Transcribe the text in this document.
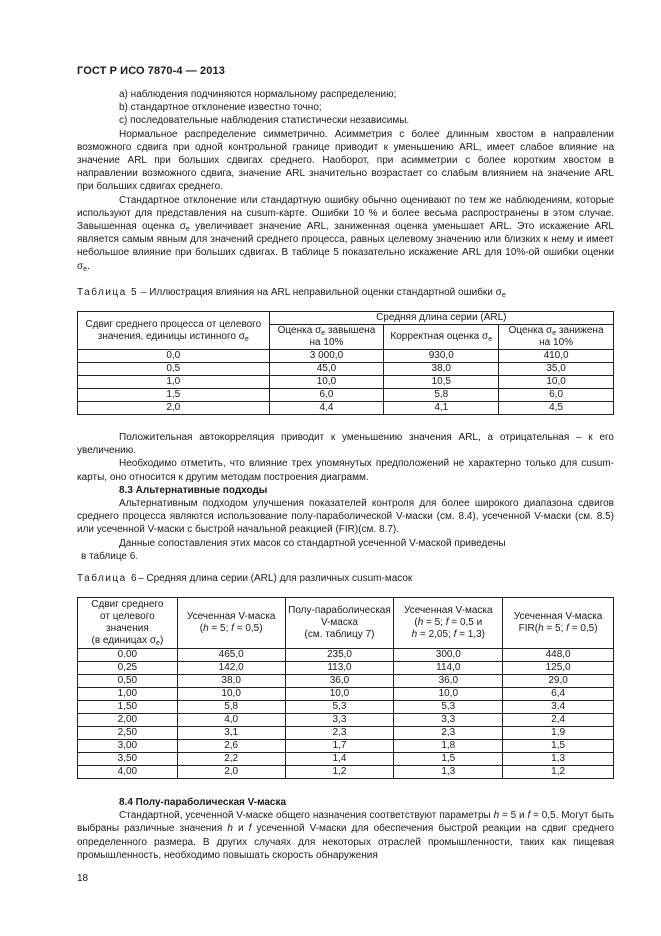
ГОСТ Р ИСО 7870-4 — 2013

a) наблюдения подчиняются нормальному распределению;

b) стандартное отклонение известно точно;

c) последовательные наблюдения статистически независимы.

Нормальное распределение симметрично. Асимметрия с более длинным хвостом в направлении возможного сдвига при одной контрольной границе приводит к уменьшению ARL, имеет слабое влияние на значение ARL при больших сдвигах среднего. Наоборот, при асимметрии с более коротким хвостом в направлении возможного сдвига, значение ARL значительно возрастает со слабым влиянием на значение ARL при больших сдвигах среднего.

Стандартное отклонение или стандартную ошибку обычно оценивают по тем же наблюдениям, которые используют для представления на cusum-карте. Ошибки 10 % и более весьма распространены в этом случае. Завышенная оценка $\sigma_e$ увеличивает значение ARL, заниженная оценка уменьшает ARL. Это искажение ARL является самым явным для значений среднего процесса, равных целевому значению или близких к нему и имеет небольшое влияние при больших сдвигах. В таблице 5 показательно искажение ARL для 10%-ой ошибки оценки $\sigma_e$.

Таблица 5 – Иллюстрация влияния на ARL неправильной оценки стандартной ошибки $\sigma_e$
Сдвиг среднего процесса от целевого значения, единицы истинного $\sigma_e$	Средняя длина серии (ARL)		
	Оценка $\sigma_e$ завышена
на 10%	Корректная оценка $\sigma_e$	Оценка $\sigma_e$ занижена
на 10%
0,0	3 000,0	930,0	410,0
0,5	45,0	38,0	35,0
1,0	10,0	10,5	10,0
1,5	6,0	5,8	6,0
2,0	4,4	4,1	4,5

Положительная автокорреляция приводит к уменьшению значения ARL, а отрицательная – к его увеличению.

Необходимо отметить, что влияние трех упомянутых предположений не характерно только для cusum-карты, оно относится к другим методам построения диаграмм.

8.3 Альтернативные подходы

Альтернативным подходом улучшения показателей контроля для более широкого диапазона сдвигов среднего процесса являются использование полу-параболической V-маски (см. 8.4), усеченной V-маски (см. 8.5) или усеченной V-маски с быстрой начальной реакцией (FIR)(см. 8.7).

Данные сопоставления этих масок со стандартной усеченной V-маской приведены

в таблице 6.

Таблица 6– Средняя длина серии (ARL) для различных cusum-масок
Сдвиг среднего
от целевого
значения
(в единицах $\sigma_e$)	Усеченная V-маска
(h = 5; f = 0,5)	Полу-параболическая
V-маска
(см. таблицу 7)	Усеченная V-маска
(h = 5; f = 0,5 и
h = 2,05; f = 1,3)	Усеченная V-маска
FIR(h = 5; f = 0,5)
0.00	465,0	235,0	300,0	448,0
0,25	142,0	113,0	114,0	125,0
0,50	38,0	36,0	36,0	29,0
1,00	10,0	10,0	10,0	6,4
1,50	5,8	5,3	5,3	3,4
2,00	4,0	3,3	3,3	2,4
2,50	3,1	2,3	2,3	1,9
3,00	2,6	1,7	1,8	1,5
3,50	2,2	1,4	1,5	1,3
4,00	2,0	1,2	1,3	1,2

8.4 Полу-параболическая V-маска

Стандартной, усеченной V-маске общего назначения соответствуют параметры h = 5 и f = 0,5. Могут быть выбраны различные значения h и f усеченной V-маски для обеспечения быстрой реакции на сдвиг среднего определенного размера. В других случаях для некоторых отраслей промышленности, таких как пищевая промышленность, необходимо повышать скорость обнаружения

18
